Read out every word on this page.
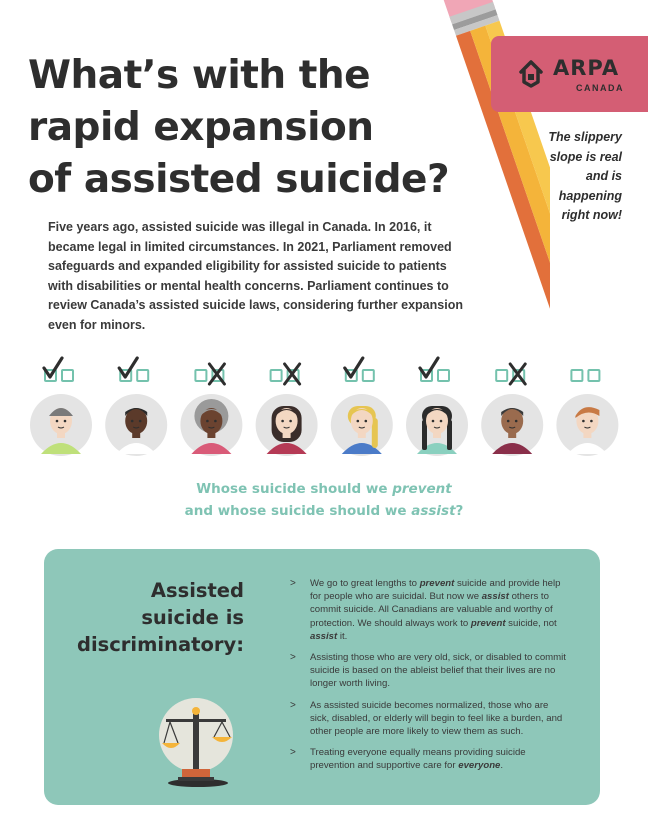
What’s with the
rapid expansion
of assisted suicide?
ARPA
CANADA
The slippery
slope is real
and is
happening
right now!
Five years ago, assisted suicide was illegal in Canada. In 2016, it
became legal in limited circumstances. In 2021, Parliament removed
safeguards and expanded eligibility for assisted suicide to patients
with disabilities or mental health concerns. Parliament continues to
review Canada’s assisted suicide laws, considering further expansion
even for minors.
Whose suicide should we prevent
and whose suicide should we assist?
Assisted
suicide is
discriminatory:
> We go to great lengths to prevent suicide and provide help
for people who are suicidal. But now we assist others to
commit suicide. All Canadians are valuable and worthy of
protection. We should always work to prevent suicide, not
assist it.
> Assisting those who are very old, sick, or disabled to commit
suicide is based on the ableist belief that their lives are no
longer worth living.
> As assisted suicide becomes normalized, those who are
sick, disabled, or elderly will begin to feel like a burden, and
other people are more likely to view them as such.
> Treating everyone equally means providing suicide
prevention and supportive care for everyone.
